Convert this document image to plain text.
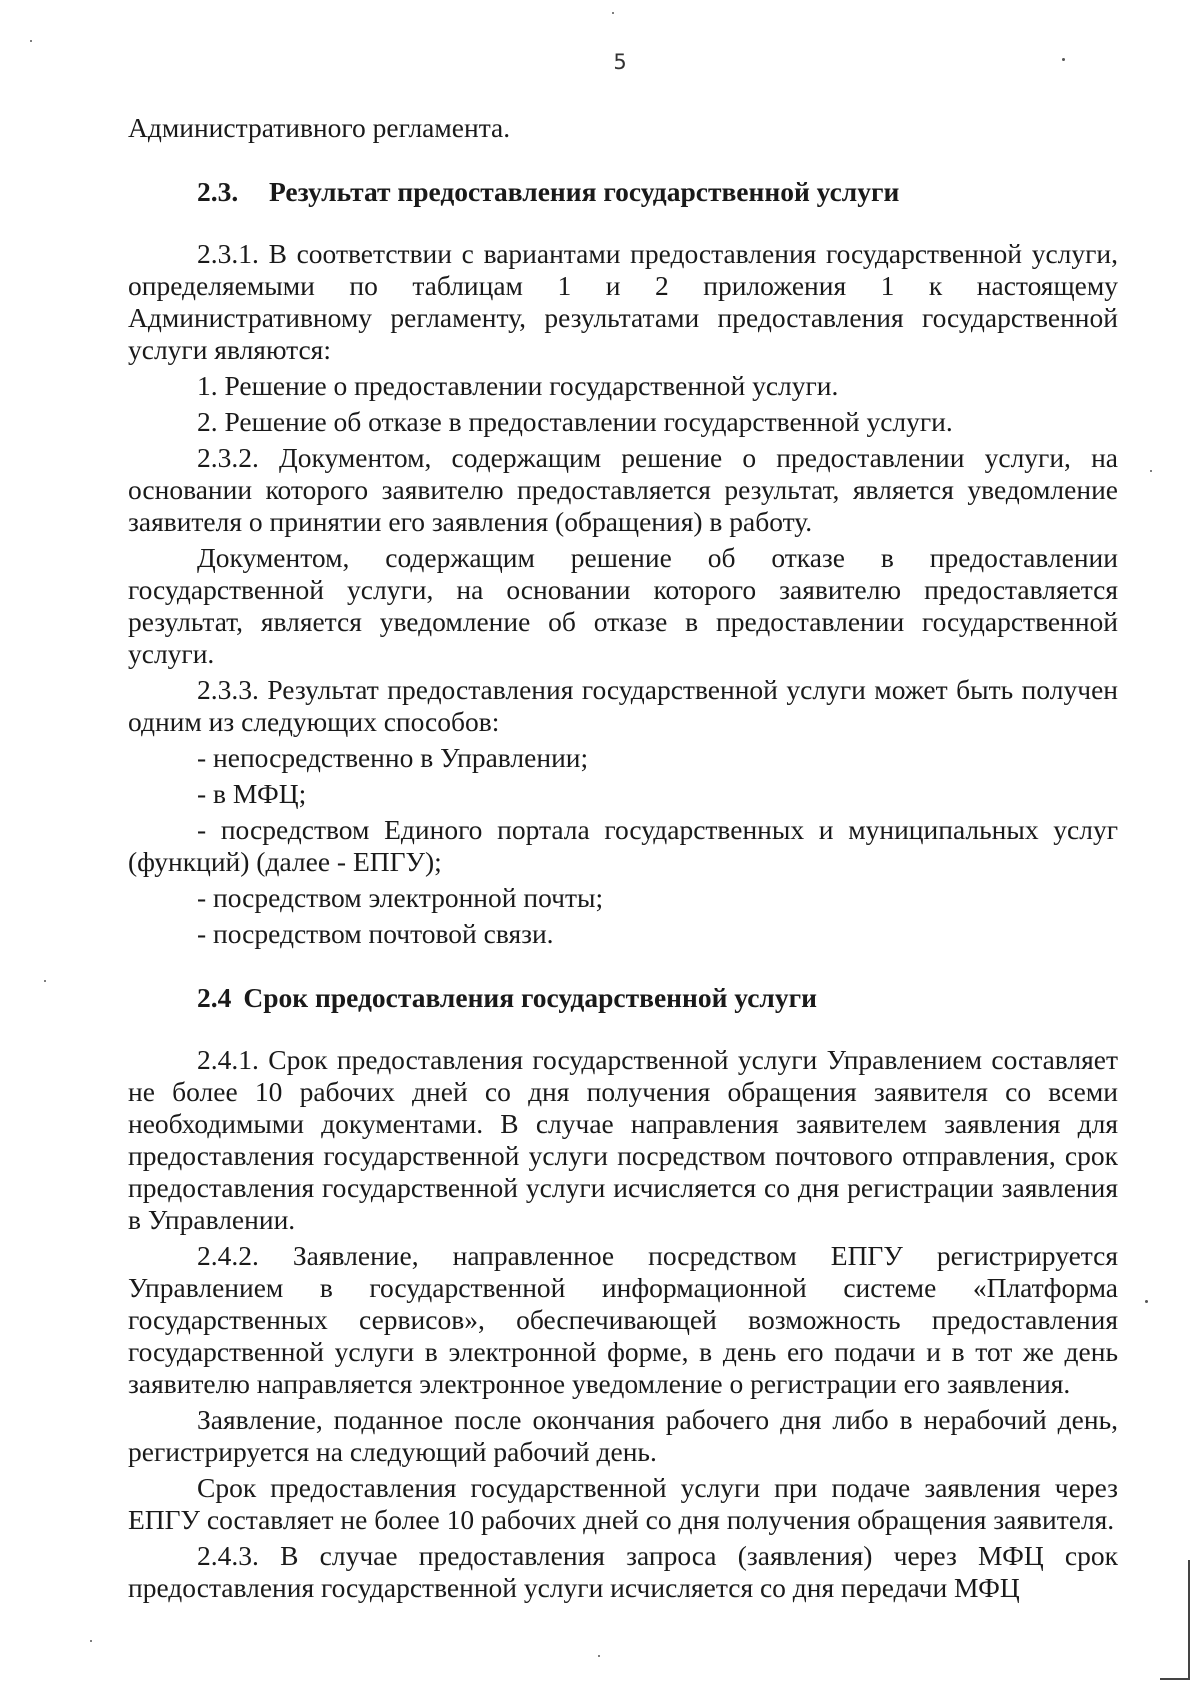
5

Административного регламента.

2.3. Результат предоставления государственной услуги

2.3.1. В соответствии с вариантами предоставления государственной услуги, определяемыми по таблицам 1 и 2 приложения 1 к настоящему Административному регламенту, результатами предоставления государственной услуги являются:

1. Решение о предоставлении государственной услуги.

2. Решение об отказе в предоставлении государственной услуги.

2.3.2. Документом, содержащим решение о предоставлении услуги, на основании которого заявителю предоставляется результат, является уведомление заявителя о принятии его заявления (обращения) в работу.

Документом, содержащим решение об отказе в предоставлении государственной услуги, на основании которого заявителю предоставляется результат, является уведомление об отказе в предоставлении государственной услуги.

2.3.3. Результат предоставления государственной услуги может быть получен одним из следующих способов:

- непосредственно в Управлении;

- в МФЦ;

- посредством Единого портала государственных и муниципальных услуг (функций) (далее - ЕПГУ);

- посредством электронной почты;

- посредством почтовой связи.

2.4 Срок предоставления государственной услуги

2.4.1. Срок предоставления государственной услуги Управлением составляет не более 10 рабочих дней со дня получения обращения заявителя со всеми необходимыми документами. В случае направления заявителем заявления для предоставления государственной услуги посредством почтового отправления, срок предоставления государственной услуги исчисляется со дня регистрации заявления в Управлении.

2.4.2. Заявление, направленное посредством ЕПГУ регистрируется Управлением в государственной информационной системе «Платформа государственных сервисов», обеспечивающей возможность предоставления государственной услуги в электронной форме, в день его подачи и в тот же день заявителю направляется электронное уведомление о регистрации его заявления.

Заявление, поданное после окончания рабочего дня либо в нерабочий день, регистрируется на следующий рабочий день.

Срок предоставления государственной услуги при подаче заявления через ЕПГУ составляет не более 10 рабочих дней со дня получения обращения заявителя.

2.4.3. В случае предоставления запроса (заявления) через МФЦ срок предоставления государственной услуги исчисляется со дня передачи МФЦ
